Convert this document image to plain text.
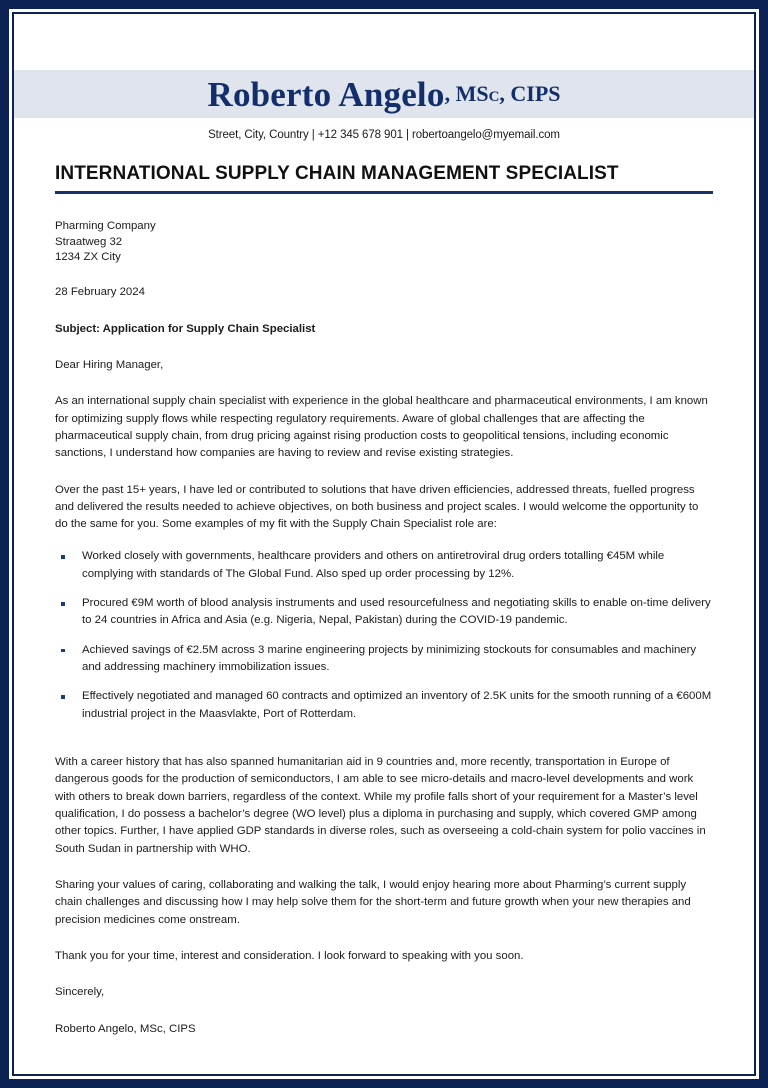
Roberto Angelo , MSc, CIPS
Street, City, Country | +12 345 678 901 | robertoangelo@myemail.com
INTERNATIONAL SUPPLY CHAIN MANAGEMENT SPECIALIST
Pharming Company
Straatweg 32
1234 ZX City
28 February 2024
Subject: Application for Supply Chain Specialist
Dear Hiring Manager,

As an international supply chain specialist with experience in the global healthcare and pharmaceutical environments, I am known for optimizing supply flows while respecting regulatory requirements. Aware of global challenges that are affecting the pharmaceutical supply chain, from drug pricing against rising production costs to geopolitical tensions, including economic sanctions, I understand how companies are having to review and revise existing strategies.

Over the past 15+ years, I have led or contributed to solutions that have driven efficiencies, addressed threats, fuelled progress and delivered the results needed to achieve objectives, on both business and project scales. I would welcome the opportunity to do the same for you. Some examples of my fit with the Supply Chain Specialist role are:

Worked closely with governments, healthcare providers and others on antiretroviral drug orders totalling €45M while complying with standards of The Global Fund. Also sped up order processing by 12%.
Procured €9M worth of blood analysis instruments and used resourcefulness and negotiating skills to enable on-time delivery to 24 countries in Africa and Asia (e.g. Nigeria, Nepal, Pakistan) during the COVID-19 pandemic.
Achieved savings of €2.5M across 3 marine engineering projects by minimizing stockouts for consumables and machinery and addressing machinery immobilization issues.
Effectively negotiated and managed 60 contracts and optimized an inventory of 2.5K units for the smooth running of a €600M industrial project in the Maasvlakte, Port of Rotterdam.

With a career history that has also spanned humanitarian aid in 9 countries and, more recently, transportation in Europe of dangerous goods for the production of semiconductors, I am able to see micro-details and macro-level developments and work with others to break down barriers, regardless of the context. While my profile falls short of your requirement for a Master’s level qualification, I do possess a bachelor’s degree (WO level) plus a diploma in purchasing and supply, which covered GMP among other topics. Further, I have applied GDP standards in diverse roles, such as overseeing a cold-chain system for polio vaccines in South Sudan in partnership with WHO.

Sharing your values of caring, collaborating and walking the talk, I would enjoy hearing more about Pharming’s current supply chain challenges and discussing how I may help solve them for the short-term and future growth when your new therapies and precision medicines come onstream.

Thank you for your time, interest and consideration. I look forward to speaking with you soon.

Sincerely,
Roberto Angelo, MSc, CIPS
